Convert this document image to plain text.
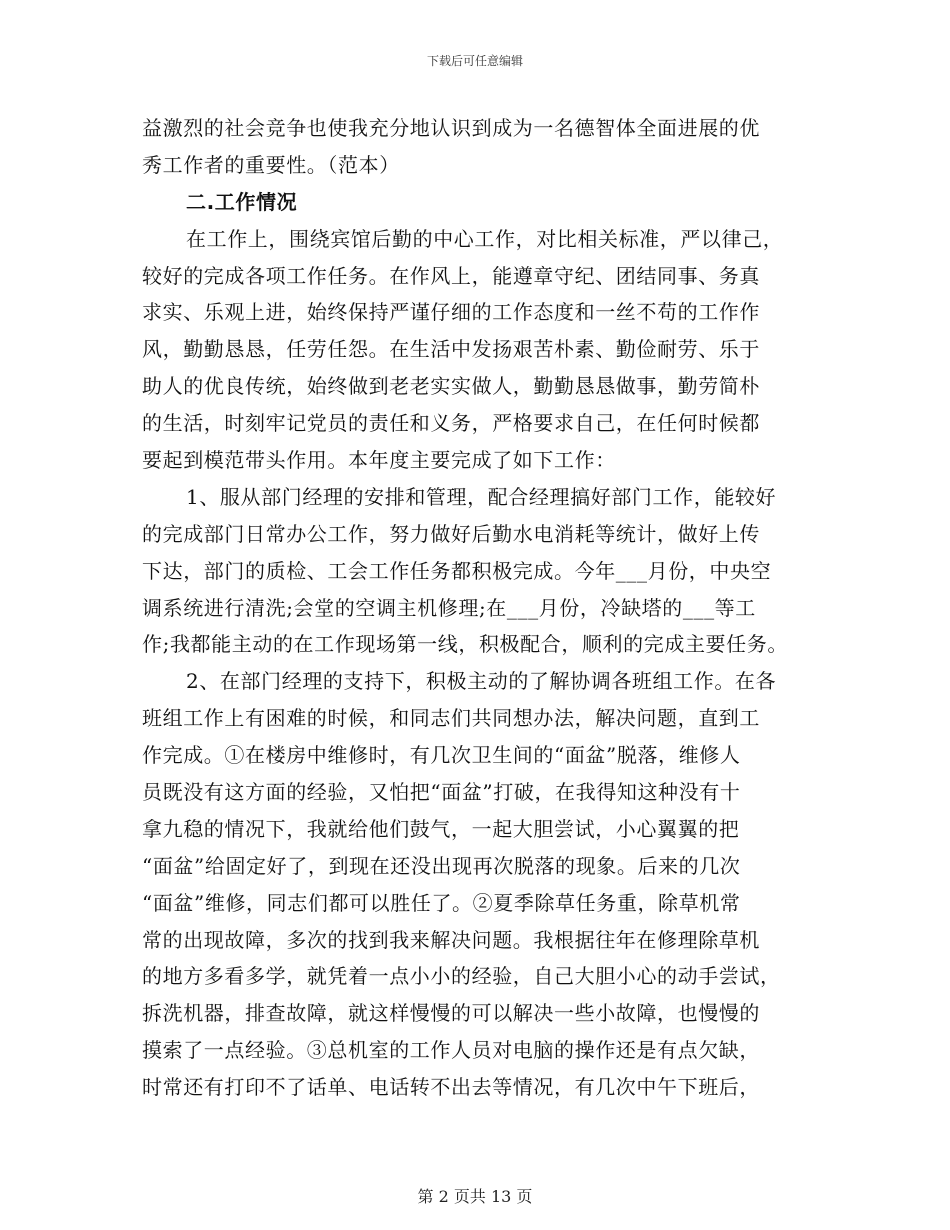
下载后可任意编辑
益激烈的社会竞争也使我充分地认识到成为一名德智体全面进展的优
秀工作者的重要性。（范本）
二.工作情况
在工作上，围绕宾馆后勤的中心工作，对比相关标准，严以律己，
较好的完成各项工作任务。在作风上，能遵章守纪、团结同事、务真
求实、乐观上进，始终保持严谨仔细的工作态度和一丝不苟的工作作
风，勤勤恳恳，任劳任怨。在生活中发扬艰苦朴素、勤俭耐劳、乐于
助人的优良传统，始终做到老老实实做人，勤勤恳恳做事，勤劳简朴
的生活，时刻牢记党员的责任和义务，严格要求自己，在任何时候都
要起到模范带头作用。本年度主要完成了如下工作：
1、服从部门经理的安排和管理，配合经理搞好部门工作，能较好
的完成部门日常办公工作，努力做好后勤水电消耗等统计，做好上传
下达，部门的质检、工会工作任务都积极完成。今年___月份，中央空
调系统进行清洗;会堂的空调主机修理;在___月份，冷缺塔的___等工
作;我都能主动的在工作现场第一线，积极配合，顺利的完成主要任务。
2、在部门经理的支持下，积极主动的了解协调各班组工作。在各
班组工作上有困难的时候，和同志们共同想办法，解决问题，直到工
作完成。①在楼房中维修时，有几次卫生间的“面盆”脱落，维修人
员既没有这方面的经验，又怕把“面盆”打破，在我得知这种没有十
拿九稳的情况下，我就给他们鼓气，一起大胆尝试，小心翼翼的把
“面盆”给固定好了，到现在还没出现再次脱落的现象。后来的几次
“面盆”维修，同志们都可以胜任了。②夏季除草任务重，除草机常
常的出现故障，多次的找到我来解决问题。我根据往年在修理除草机
的地方多看多学，就凭着一点小小的经验，自己大胆小心的动手尝试，
拆洗机器，排查故障，就这样慢慢的可以解决一些小故障，也慢慢的
摸索了一点经验。③总机室的工作人员对电脑的操作还是有点欠缺，
时常还有打印不了话单、电话转不出去等情况，有几次中午下班后，
第 2 页共 13 页
